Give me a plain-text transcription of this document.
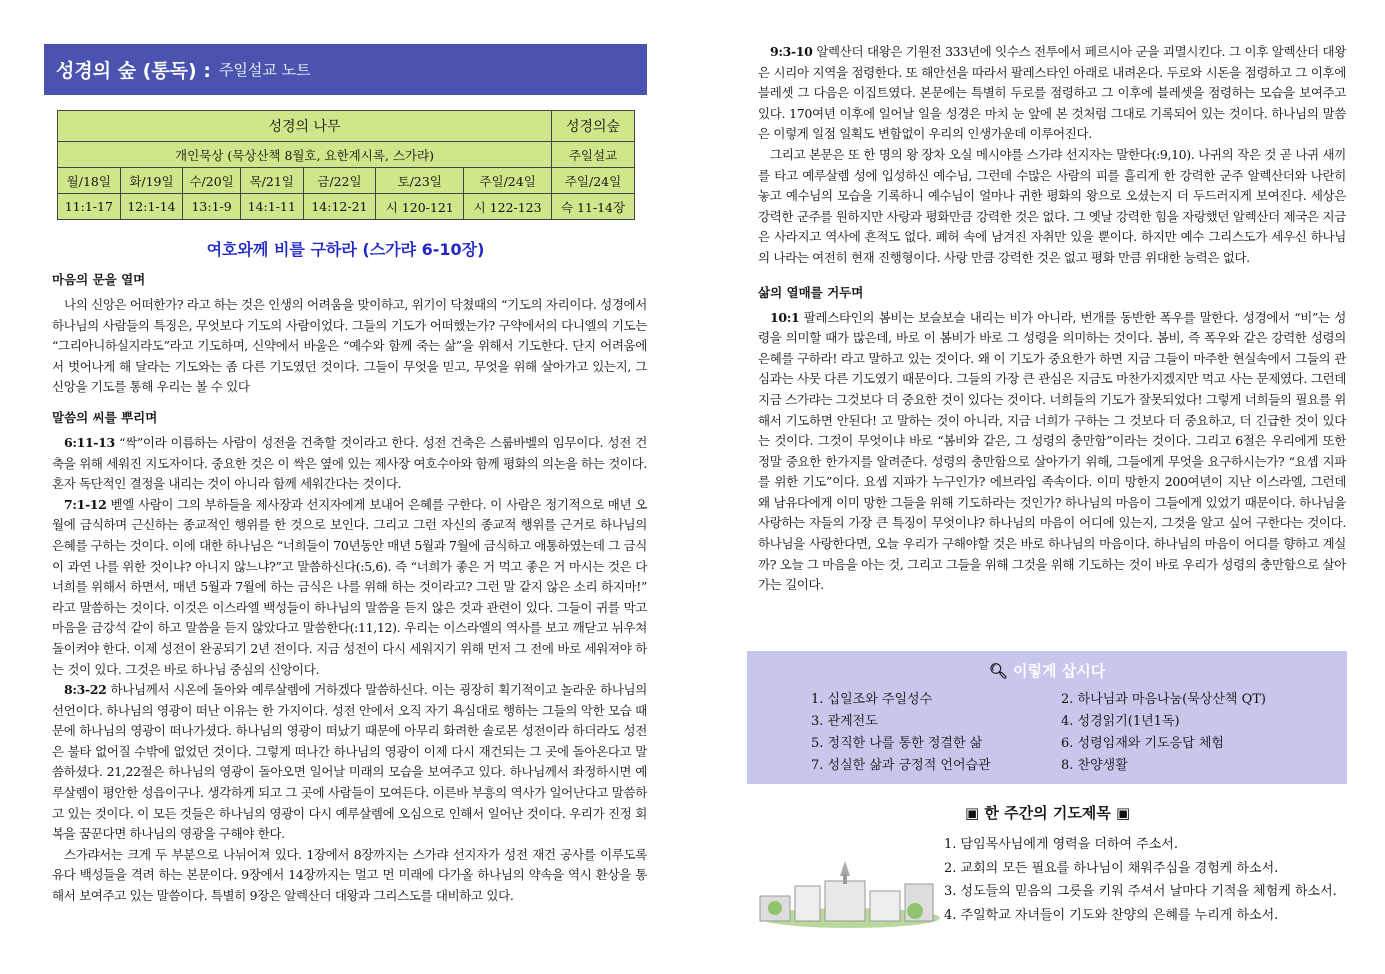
성경의 숲 (통독) : 주일설교 노트
성경의 나무							성경의숲
개인묵상 (묵상산책 8월호, 요한계시록, 스가랴)							주일설교
월/18일	화/19일	수/20일	목/21일	금/22일	토/23일	주일/24일	주일/24일
11:1-17	12:1-14	13:1-9	14:1-11	14:12-21	시 120-121	시 122-123	슥 11-14장
여호와께 비를 구하라 (스가랴 6-10장)
마음의 문을 열며

나의 신앙은 어떠한가? 라고 하는 것은 인생의 어려움을 맞이하고, 위기이 닥쳤때의 “기도의 자리이다. 성경에서 하나님의 사람들의 특징은, 무엇보다 기도의 사람이었다. 그들의 기도가 어떠했는가? 구약에서의 다니엘의 기도는 “그리아니하실지라도”라고 기도하며, 신약에서 바울은 “예수와 함께 죽는 삶”을 위해서 기도한다. 단지 어려움에서 벗어나게 해 달라는 기도와는 좀 다른 기도였던 것이다. 그들이 무엇을 믿고, 무엇을 위해 살아가고 있는지, 그 신앙을 기도를 통해 우리는 볼 수 있다

말씀의 씨를 뿌리며

6:11-13 “싹”이라 이름하는 사람이 성전을 건축할 것이라고 한다. 성전 건축은 스룹바벨의 임무이다. 성전 건축을 위해 세워진 지도자이다. 중요한 것은 이 싹은 옆에 있는 제사장 여호수아와 함께 평화의 의논을 하는 것이다. 혼자 독단적인 결정을 내리는 것이 아니라 함께 세워간다는 것이다.

7:1-12 벧엘 사람이 그의 부하들을 제사장과 선지자에게 보내어 은혜를 구한다. 이 사람은 정기적으로 매년 오월에 금식하며 근신하는 종교적인 행위를 한 것으로 보인다. 그리고 그런 자신의 종교적 행위를 근거로 하나님의 은혜를 구하는 것이다. 이에 대한 하나님은 “너희들이 70년동안 매년 5월과 7월에 금식하고 애통하였는데 그 금식이 과연 나를 위한 것이냐? 아니지 않느냐?”고 말씀하신다(:5,6). 즉 “너희가 좋은 거 먹고 좋은 거 마시는 것은 다 너희를 위해서 하면서, 매년 5월과 7월에 하는 금식은 나를 위해 하는 것이라고? 그런 말 같지 않은 소리 하지마!” 라고 말씀하는 것이다. 이것은 이스라엘 백성들이 하나님의 말씀을 듣지 않은 것과 관련이 있다. 그들이 귀를 막고 마음을 금강석 같이 하고 말씀을 듣지 않았다고 말씀한다(:11,12). 우리는 이스라엘의 역사를 보고 깨닫고 뉘우쳐 돌이켜야 한다. 이제 성전이 완공되기 2년 전이다. 지금 성전이 다시 세워지기 위해 먼저 그 전에 바로 세워져야 하는 것이 있다. 그것은 바로 하나님 중심의 신앙이다.

8:3-22 하나님께서 시온에 돌아와 예루살렘에 거하겠다 말씀하신다. 이는 굉장히 획기적이고 놀라운 하나님의 선언이다. 하나님의 영광이 떠난 이유는 한 가지이다. 성전 안에서 오직 자기 욕심대로 행하는 그들의 악한 모습 때문에 하나님의 영광이 떠나가셨다. 하나님의 영광이 떠났기 때문에 아무리 화려한 솔로몬 성전이라 하더라도 성전은 불타 없어질 수밖에 없었던 것이다. 그렇게 떠나간 하나님의 영광이 이제 다시 재건되는 그 곳에 돌아온다고 말씀하셨다. 21,22절은 하나님의 영광이 돌아오면 일어날 미래의 모습을 보여주고 있다. 하나님께서 좌정하시면 예루살렘이 평안한 성읍이구나. 생각하게 되고 그 곳에 사람들이 모여든다. 이른바 부흥의 역사가 일어난다고 말씀하고 있는 것이다. 이 모든 것들은 하나님의 영광이 다시 예루살렘에 오심으로 인해서 일어난 것이다. 우리가 진정 회복을 꿈꾼다면 하나님의 영광을 구해야 한다.

스가랴서는 크게 두 부분으로 나뉘어져 있다. 1장에서 8장까지는 스가랴 선지자가 성전 재건 공사를 이루도록 유다 백성들을 격려 하는 본문이다. 9장에서 14장까지는 멀고 먼 미래에 다가올 하나님의 약속을 역시 환상을 통해서 보여주고 있는 말씀이다. 특별히 9장은 알렉산더 대왕과 그리스도를 대비하고 있다.

9:3-10 알렉산더 대왕은 기원전 333년에 잇수스 전투에서 페르시아 군을 괴멸시킨다. 그 이후 알렉산더 대왕은 시리아 지역을 점령한다. 또 해안선을 따라서 팔레스타인 아래로 내려온다. 두로와 시돈을 점령하고 그 이후에 블레셋 그 다음은 이집트였다. 본문에는 특별히 두로를 점령하고 그 이후에 블레셋을 점령하는 모습을 보여주고 있다. 170여년 이후에 일어날 일을 성경은 마치 눈 앞에 본 것처럼 그대로 기록되어 있는 것이다. 하나님의 말씀은 이렇게 일점 일획도 변함없이 우리의 인생가운데 이루어진다.

그리고 본문은 또 한 명의 왕 장차 오실 메시야를 스가랴 선지자는 말한다(:9,10). 나귀의 작은 것 곧 나귀 새끼를 타고 예루살렘 성에 입성하신 예수님, 그런데 수많은 사람의 피를 흘리게 한 강력한 군주 알렉산더와 나란히 놓고 예수님의 모습을 기록하니 예수님이 얼마나 귀한 평화의 왕으로 오셨는지 더 두드러지게 보여진다. 세상은 강력한 군주를 원하지만 사랑과 평화만큼 강력한 것은 없다. 그 옛날 강력한 힘을 자랑했던 알렉산더 제국은 지금은 사라지고 역사에 흔적도 없다. 폐허 속에 남겨진 자취만 있을 뿐이다. 하지만 예수 그리스도가 세우신 하나님의 나라는 여전히 현재 진행형이다. 사랑 만큼 강력한 것은 없고 평화 만큼 위대한 능력은 없다.

삶의 열매를 거두며

10:1 팔레스타인의 봄비는 보슬보슬 내리는 비가 아니라, 번개를 동반한 폭우를 말한다. 성경에서 “비”는 성령을 의미할 때가 많은데, 바로 이 봄비가 바로 그 성령을 의미하는 것이다. 봄비, 즉 폭우와 같은 강력한 성령의 은혜를 구하라! 라고 말하고 있는 것이다. 왜 이 기도가 중요한가 하면 지금 그들이 마주한 현실속에서 그들의 관심과는 사뭇 다른 기도였기 때문이다. 그들의 가장 큰 관심은 지금도 마찬가지겠지만 먹고 사는 문제였다. 그런데 지금 스가랴는 그것보다 더 중요한 것이 있다는 것이다. 너희들의 기도가 잘못되었다! 그렇게 너희들의 필요를 위해서 기도하면 안된다! 고 말하는 것이 아니라, 지금 너희가 구하는 그 것보다 더 중요하고, 더 긴급한 것이 있다는 것이다. 그것이 무엇이냐 바로 “봄비와 같은, 그 성령의 충만함”이라는 것이다. 그리고 6절은 우리에게 또한 정말 중요한 한가지를 알려준다. 성령의 충만함으로 살아가기 위해, 그들에게 무엇을 요구하시는가? “요셉 지파를 위한 기도”이다. 요셉 지파가 누구인가? 에브라임 족속이다. 이미 망한지 200여년이 지난 이스라엘, 그런데 왜 남유다에게 이미 망한 그들을 위해 기도하라는 것인가? 하나님의 마음이 그들에게 있었기 때문이다. 하나님을 사랑하는 자들의 가장 큰 특징이 무엇이냐? 하나님의 마음이 어디에 있는지, 그것을 알고 싶어 구한다는 것이다. 하나님을 사랑한다면, 오늘 우리가 구해야할 것은 바로 하나님의 마음이다. 하나님의 마음이 어디를 향하고 계실까? 오늘 그 마음을 아는 것, 그리고 그들을 위해 그것을 위해 기도하는 것이 바로 우리가 성령의 충만함으로 살아가는 길이다.

🔍︎ 이렇게 삽시다
1. 십일조와 주일성수	2. 하나님과 마음나눔(묵상산책 QT)
3. 관계전도	4. 성경읽기(1년1독)
5. 정직한 나를 통한 정결한 삶	6. 성령임재와 기도응답 체험
7. 성실한 삶과 긍정적 언어습관	8. 찬양생활
▣ 한 주간의 기도제목 ▣
1. 담임목사님에게 영력을 더하여 주소서.
2. 교회의 모든 필요를 하나님이 채워주심을 경험케 하소서.
3. 성도들의 믿음의 그릇을 키워 주셔서 날마다 기적을 체험케 하소서.
4. 주일학교 자녀들이 기도와 찬양의 은혜를 누리게 하소서.
